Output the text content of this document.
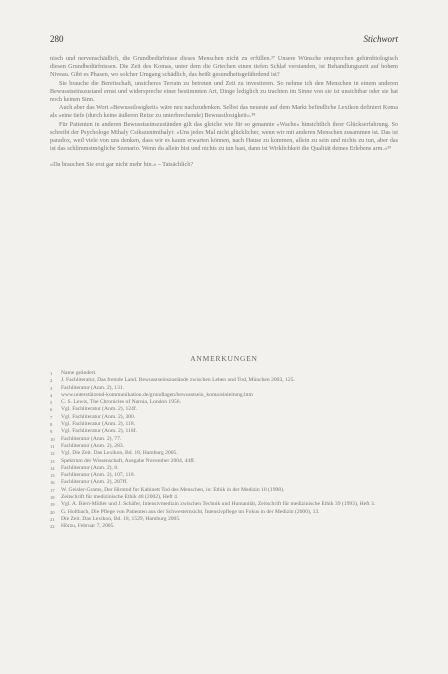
280	Stichwort

nisch und nervenschädlich, die Grundbedürfnisse dieses Menschen nicht zu erfüllen.³⁷ Unsere Wünsche entsprechen gehirnbiologisch diesen Grundbedürfnissen. Die Zeit des Komas, unter dem die Griechen einen tiefen Schlaf verstanden, ist Behandlungszeit auf hohem Niveau. Gibt es Phasen, wo solcher Umgang schädlich, das heißt gesundheitsgefährdend ist?

Sie brauche die Bereitschaft, unsicheres Terrain zu betreten und Zeit zu investieren. So nehme ich den Menschen in einem anderen Bewusstseinszustand ernst und widerspreche einer bestimmten Art, Dinge lediglich zu trachten im Sinne von sie ist unsichtbar oder sie hat noch keinen Sinn.

Auch aber das Wort »Bewusstlosigkeit« wäre neu nachzudenken. Selbst das neueste auf dem Markt befindliche Lexikon definiert Koma als »eine tiefe (durch keine äußeren Reize zu unterbrechende) Bewusstlosigkeit«.³⁸

Für Patienten in anderen Bewusstseinszuständen gilt das gleiche wie für so genannte »Wache« hinsichtlich ihrer Glückserfahrung. So schreibt der Psychologe Mihaly Csikszentmihalyi: »Uns jedes Mal nicht glücklicher, wenn wir mit anderen Menschen zusammen ist. Das ist paradox, weil viele von uns denken, dass wir es kaum erwarten können, nach Hause zu kommen, allein zu sein und nichts zu tun, aber das ist das schlimmstmögliche Szenario. Wenn du allein bist und nichts zu tun hast, dann ist Wirklichkeit die Qualität deines Erlebens arm.«³⁹

»Da brauchen Sie erst gar nicht mehr hin.« – Tatsächlich?

ANMERKUNGEN
1	Name geändert.
2	J. Fachliteratur, Das fremde Land. Bewusstseinszustände zwischen Leben und Tod, München 2003, 125.
3	Fachliteratur (Anm. 2), 131.
4	www.unterstützend-kommunikation.de/grundlagen/bewusstsein_koma/einleitung.htm
5	C. S. Lewis, The Chronicles of Narnia, London 1956.
6	Vgl. Fachliteratur (Anm. 2), 124f.
7	Vgl. Fachliteratur (Anm. 2), 300.
8	Vgl. Fachliteratur (Anm. 2), 118.
9	Vgl. Fachliteratur (Anm. 2), 118f.
10	Fachliteratur (Anm. 2), 77.
11	Fachliteratur (Anm. 2), 283.
12	Vgl. Die Zeit. Das Lexikon, Bd. 18, Hamburg 2005.
13	Spektrum der Wissenschaft, Ausgabe November 2004, 44ff.
14	Fachliteratur (Anm. 2), 8.
15	Fachliteratur (Anm. 2), 107, 118.
16	Fachliteratur (Anm. 2), 287ff.
17	W. Geisler-Grams, Der Hirntod fur Kabinett Tod des Menschen, in: Ethik in der Medizin 10 (1998).
18	Zeitschrift für medizinische Ethik 48 (2002), Heft 4.
19	Vgl. A. Bieri-Müller und J. Schäfer, Intensivmedizin zwischen Technik und Humanität, Zeitschrift für medizinische Ethik 39 (1993), Heft 3.
20	G. Holtbach, Die Pflege von Patienten aus der Schwesternsicht, Intensivpflege im Fokus in der Medizin (2000), 13.
21	Die Zeit. Das Lexikon, Bd. 18, 1529, Hamburg 2005.
22	Hörzu, Februar 7, 2005.
